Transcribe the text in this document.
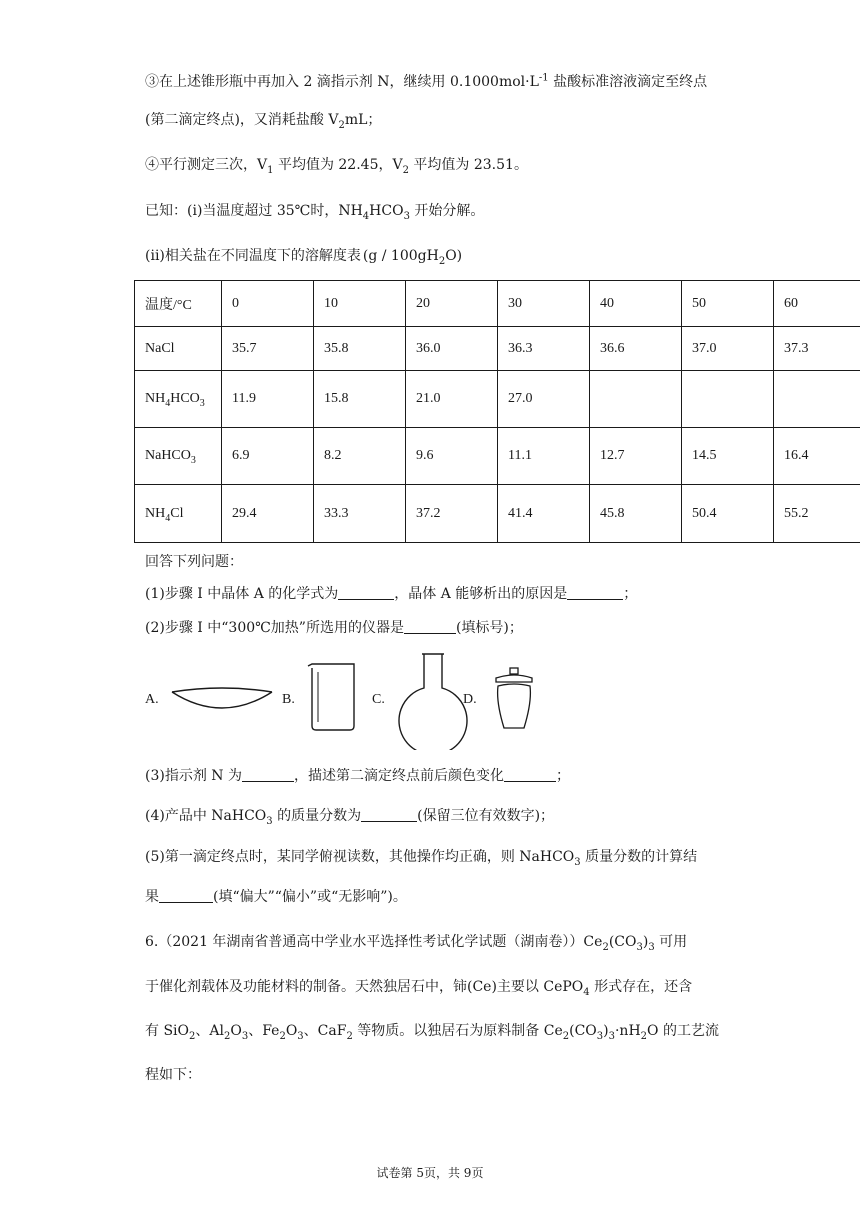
③在上述锥形瓶中再加入 2 滴指示剂 N，继续用 $0.1000mol\cdot L^{-1}$ 盐酸标准溶液滴定至终点
(第二滴定终点)，又消耗盐酸 $V_2mL$；
④平行测定三次，$V_1$ 平均值为 22.45，$V_2$ 平均值为 23.51。
已知：(i)当温度超过 35℃时，$NH_4HCO_3$ 开始分解。
(ii)相关盐在不同温度下的溶解度表 $(g / 100gH_2O)$
温度/°C	0	10	20	30	40	50	60
NaCl	35.7	35.8	36.0	36.3	36.6	37.0	37.3
$NH_4HCO_3$	11.9	15.8	21.0	27.0			
NaHCO$_3$	6.9	8.2	9.6	11.1	12.7	14.5	16.4
$NH_4Cl$	29.4	33.3	37.2	41.4	45.8	50.4	55.2
回答下列问题：
(1)步骤 I 中晶体 A 的化学式为	，晶体 A 能够析出的原因是	；
(2)步骤 I 中“300℃加热”所选用的仪器是	(填标号)；
A.	B.	C.	D.
(3)指示剂 N 为	，描述第二滴定终点前后颜色变化	；
(4)产品中 NaHCO$_3$ 的质量分数为	(保留三位有效数字)；
(5)第一滴定终点时，某同学俯视读数，其他操作均正确，则 NaHCO$_3$ 质量分数的计算结
果	(填“偏大”“偏小”或“无影响”)。
6.（2021 年湖南省普通高中学业水平选择性考试化学试题（湖南卷））$Ce_2(CO_3)_3$ 可用
于催化剂载体及功能材料的制备。天然独居石中，铈(Ce)主要以 CePO$_4$ 形式存在，还含
有 SiO$_2$、$Al_2O_3$、$Fe_2O_3$、CaF$_2$ 等物质。以独居石为原料制备 $Ce_2(CO_3)_3\cdot nH_2O$ 的工艺流
程如下：
试卷第 5页，共 9页
